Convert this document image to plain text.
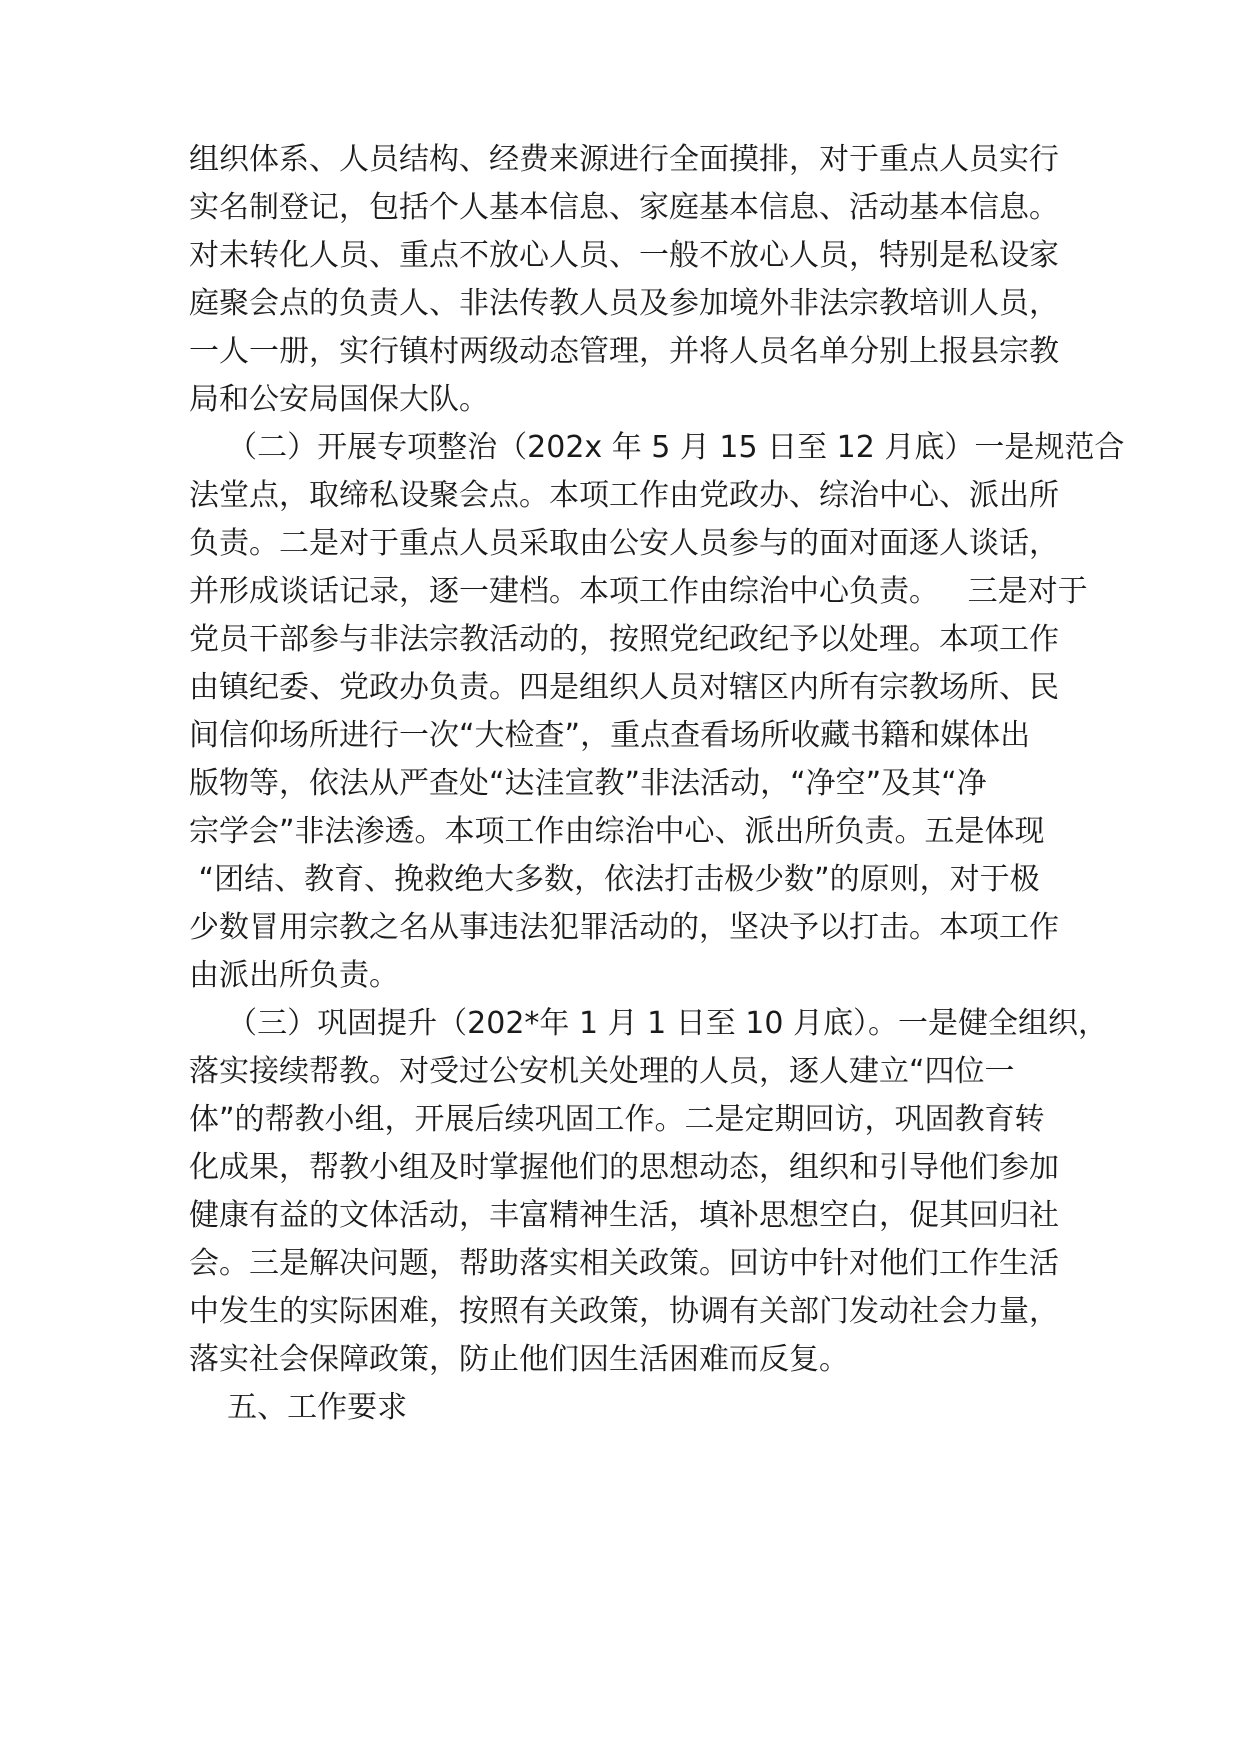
组织体系、人员结构、经费来源进行全面摸排，对于重点人员实行
实名制登记，包括个人基本信息、家庭基本信息、活动基本信息。
对未转化人员、重点不放心人员、一般不放心人员，特别是私设家
庭聚会点的负责人、非法传教人员及参加境外非法宗教培训人员，
一人一册，实行镇村两级动态管理，并将人员名单分别上报县宗教
局和公安局国保大队。
（二）开展专项整治（202x 年 5 月 15 日至 12 月底）一是规范合
法堂点，取缔私设聚会点。本项工作由党政办、综治中心、派出所
负责。二是对于重点人员采取由公安人员参与的面对面逐人谈话，
并形成谈话记录，逐一建档。本项工作由综治中心负责。   三是对于
党员干部参与非法宗教活动的，按照党纪政纪予以处理。本项工作
由镇纪委、党政办负责。四是组织人员对辖区内所有宗教场所、民
间信仰场所进行一次“大检查”，重点查看场所收藏书籍和媒体出
版物等，依法从严查处“达洼宣教”非法活动，“净空”及其“净
宗学会”非法渗透。本项工作由综治中心、派出所负责。五是体现
“团结、教育、挽救绝大多数，依法打击极少数”的原则，对于极
少数冒用宗教之名从事违法犯罪活动的，坚决予以打击。本项工作
由派出所负责。
（三）巩固提升（202*年 1 月 1 日至 10 月底）。一是健全组织，
落实接续帮教。对受过公安机关处理的人员，逐人建立“四位一
体”的帮教小组，开展后续巩固工作。二是定期回访，巩固教育转
化成果，帮教小组及时掌握他们的思想动态，组织和引导他们参加
健康有益的文体活动，丰富精神生活，填补思想空白，促其回归社
会。三是解决问题，帮助落实相关政策。回访中针对他们工作生活
中发生的实际困难，按照有关政策，协调有关部门发动社会力量，
落实社会保障政策，防止他们因生活困难而反复。
五、工作要求
